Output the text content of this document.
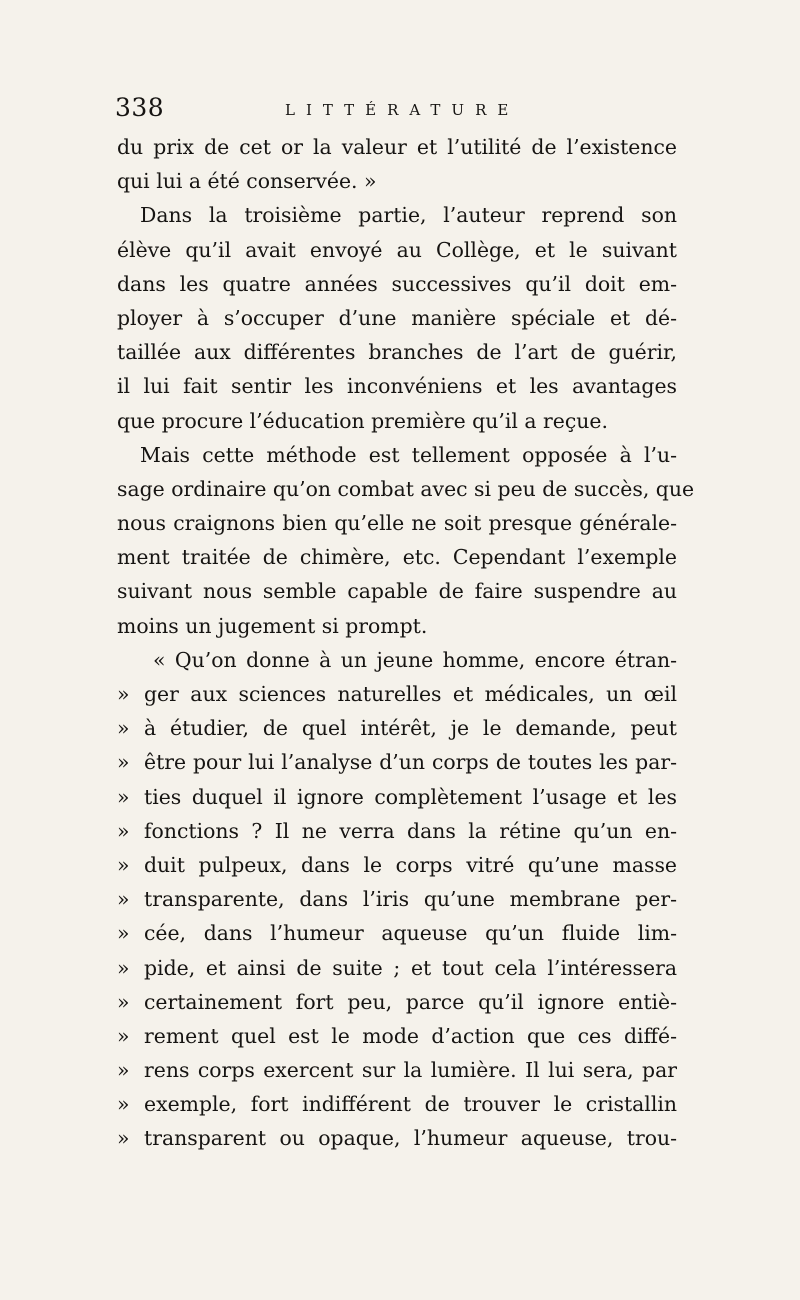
338	LITTÉRATURE
du prix de cet or la valeur et l’utilité de l’existence
qui lui a été conservée. »
Dans la troisième partie, l’auteur reprend son
élève qu’il avait envoyé au Collège, et le suivant
dans les quatre années successives qu’il doit em-
ployer à s’occuper d’une manière spéciale et dé-
taillée aux différentes branches de l’art de guérir,
il lui fait sentir les inconvéniens et les avantages
que procure l’éducation première qu’il a reçue.
Mais cette méthode est tellement opposée à l’u-
sage ordinaire qu’on combat avec si peu de succès, que
nous craignons bien qu’elle ne soit presque générale-
ment traitée de chimère, etc. Cependant l’exemple
suivant nous semble capable de faire suspendre au
moins un jugement si prompt.
« Qu’on donne à un jeune homme, encore étran-
» ger aux sciences naturelles et médicales, un œil
» à étudier, de quel intérêt, je le demande, peut
» être pour lui l’analyse d’un corps de toutes les par-
» ties duquel il ignore complètement l’usage et les
» fonctions ? Il ne verra dans la rétine qu’un en-
» duit pulpeux, dans le corps vitré qu’une masse
» transparente, dans l’iris qu’une membrane per-
» cée, dans l’humeur aqueuse qu’un fluide lim-
» pide, et ainsi de suite ; et tout cela l’intéressera
» certainement fort peu, parce qu’il ignore entiè-
» rement quel est le mode d’action que ces diffé-
» rens corps exercent sur la lumière. Il lui sera, par
» exemple, fort indifférent de trouver le cristallin
» transparent ou opaque, l’humeur aqueuse, trou-
